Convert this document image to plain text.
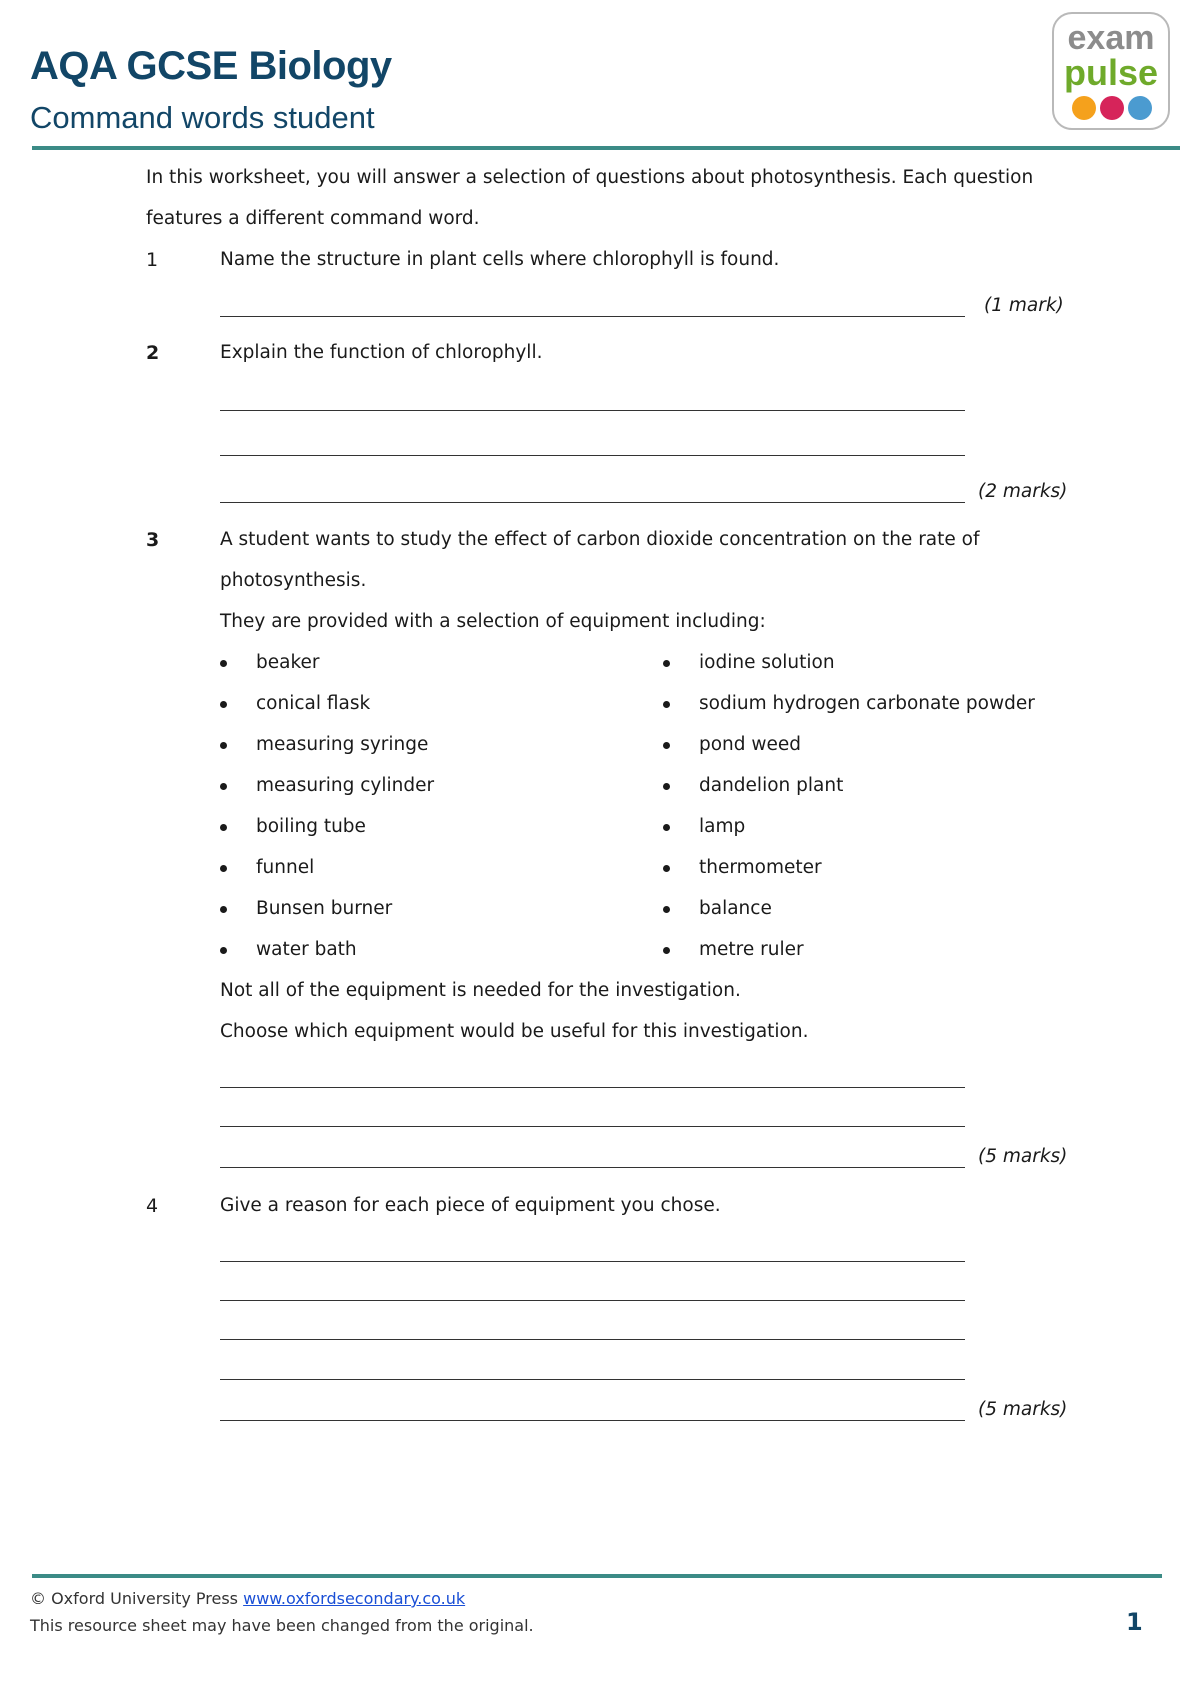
AQA GCSE Biology
Command words student
exam
pulse
In this worksheet, you will answer a selection of questions about photosynthesis. Each question
features a different command word.
1	Name the structure in plant cells where chlorophyll is found.
(1 mark)
2	Explain the function of chlorophyll.
(2 marks)
3	A student wants to study the effect of carbon dioxide concentration on the rate of
photosynthesis.
They are provided with a selection of equipment including:
beaker
conical flask
measuring syringe
measuring cylinder
boiling tube
funnel
Bunsen burner
water bath
iodine solution
sodium hydrogen carbonate powder
pond weed
dandelion plant
lamp
thermometer
balance
metre ruler
Not all of the equipment is needed for the investigation.
Choose which equipment would be useful for this investigation.
(5 marks)
4	Give a reason for each piece of equipment you chose.
(5 marks)
© Oxford University Press www.oxfordsecondary.co.uk
This resource sheet may have been changed from the original.	1
